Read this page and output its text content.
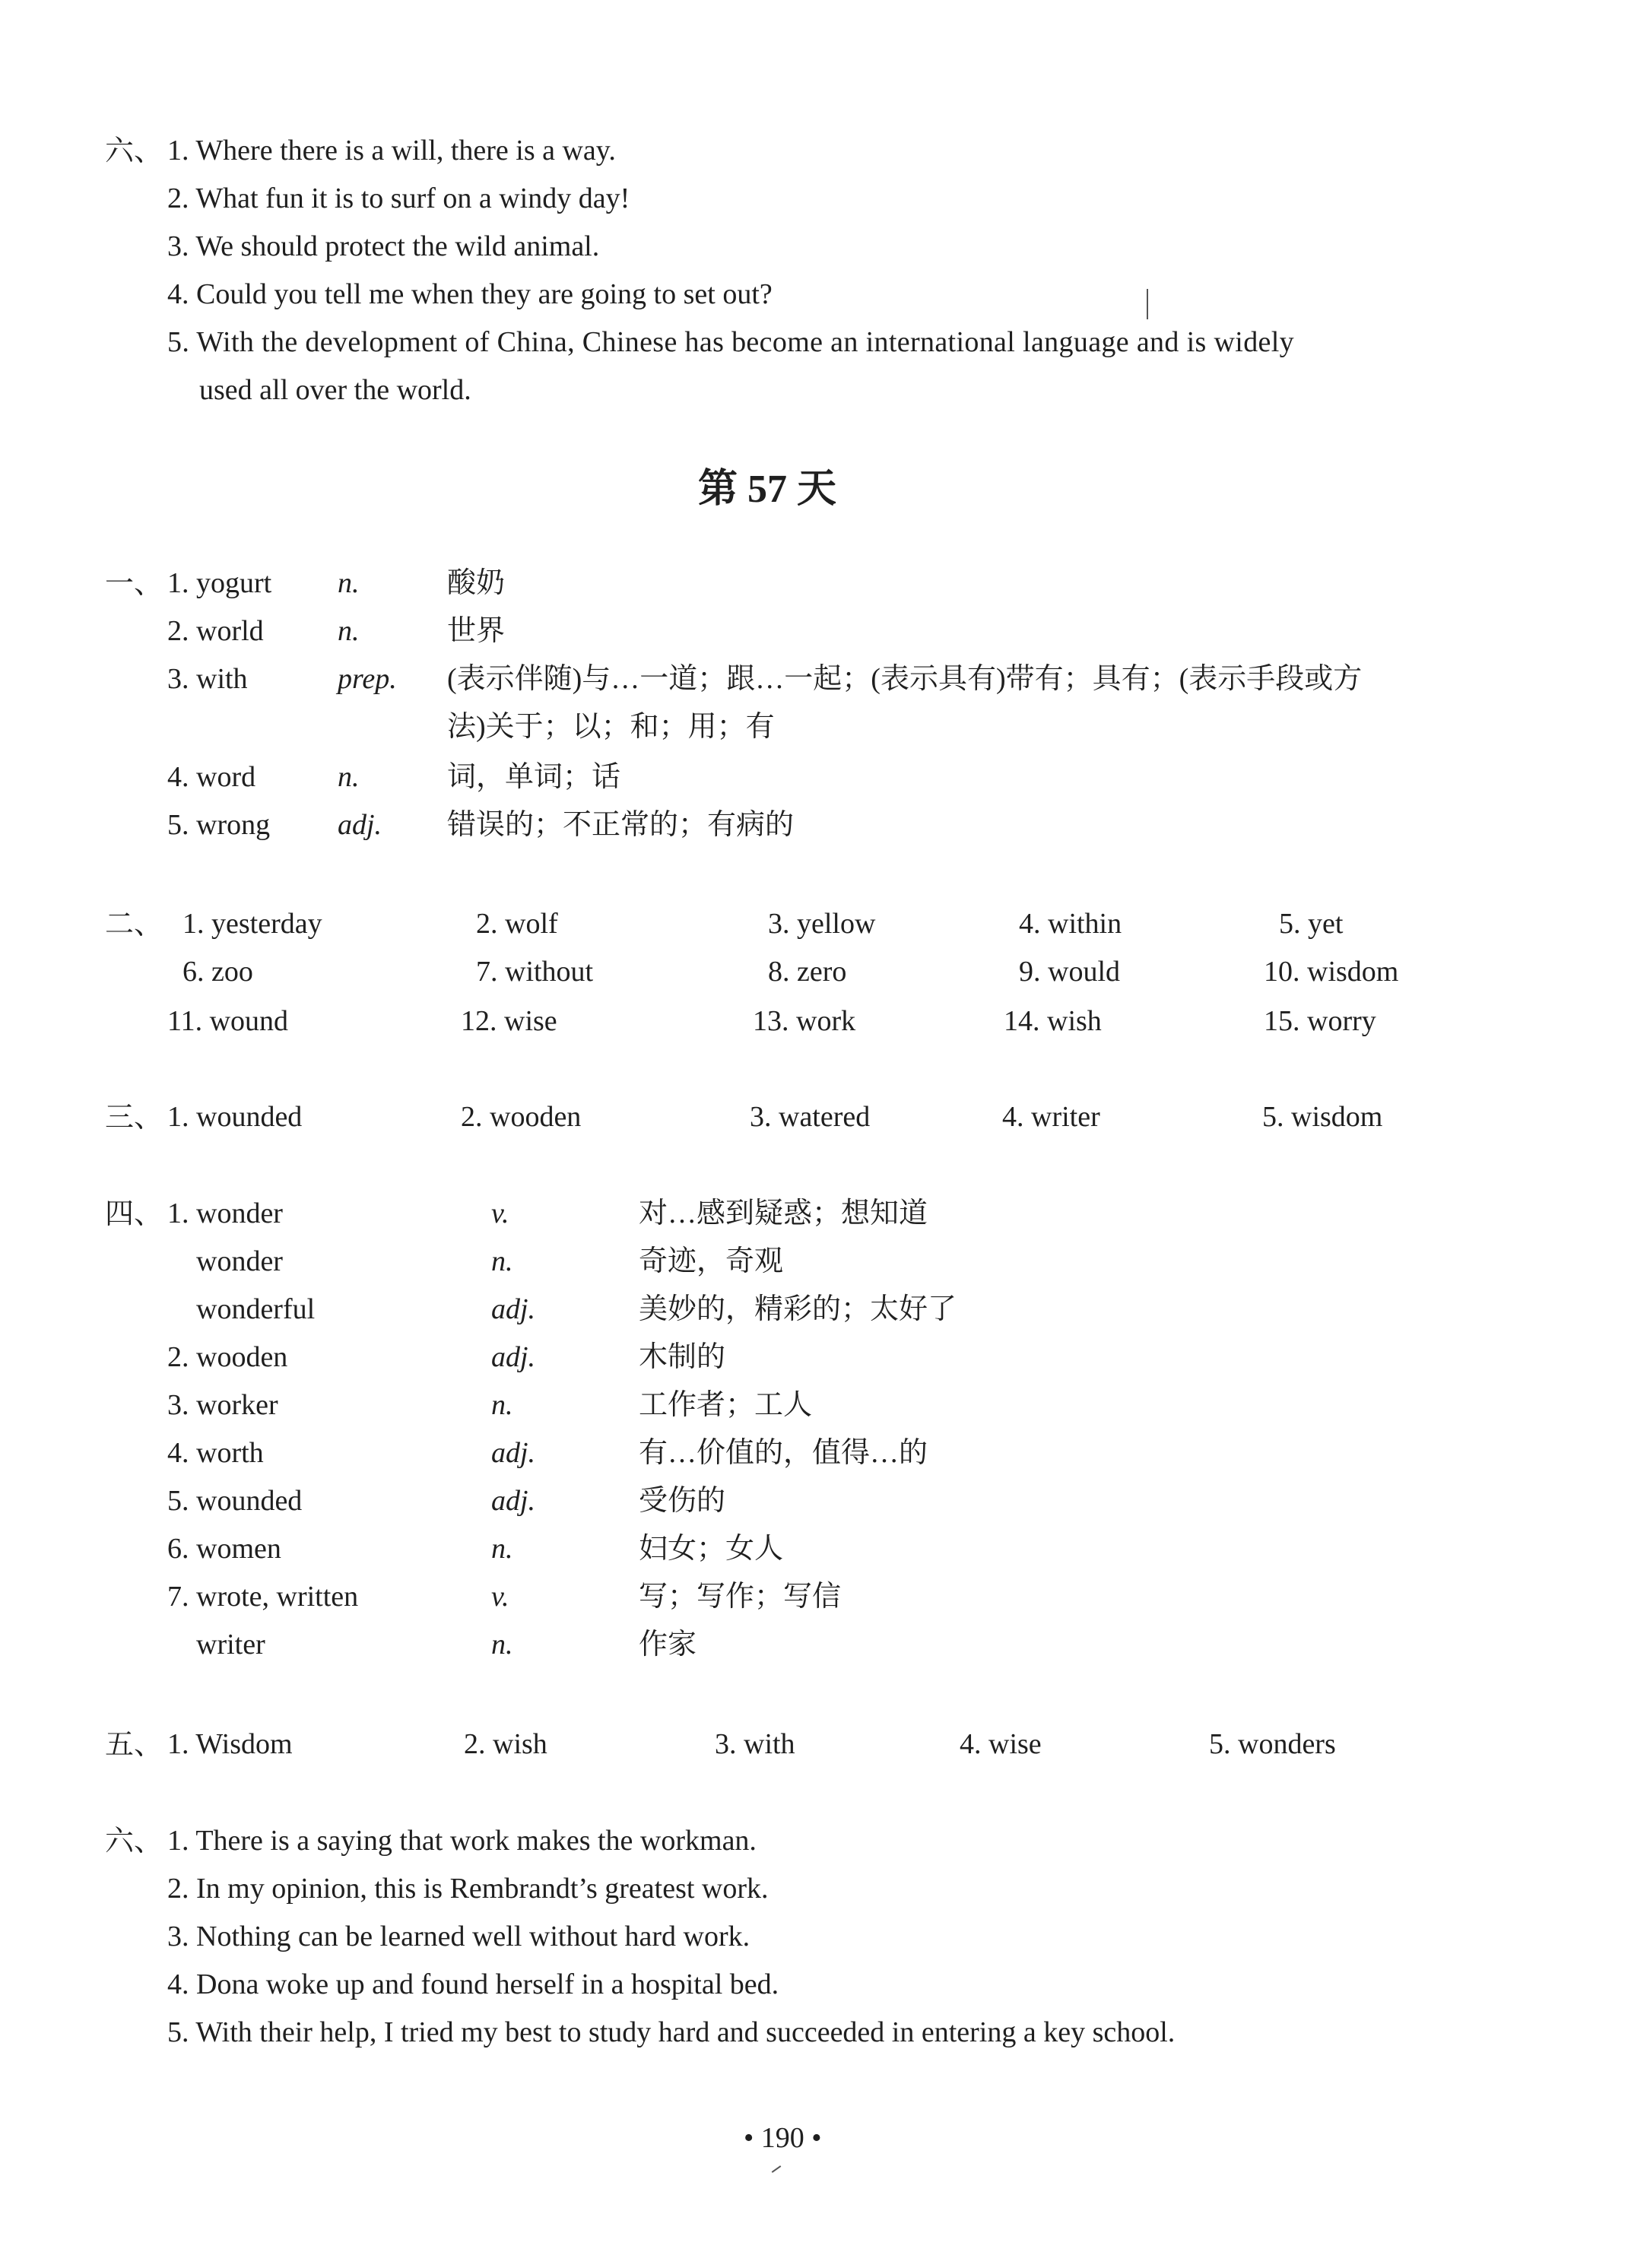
六、 1. Where there is a will, there is a way.
2. What fun it is to surf on a windy day!
3. We should protect the wild animal.
4. Could you tell me when they are going to set out?
5. With the development of China, Chinese has become an international language and is widely
used all over the world.
第 57 天
一、 1. yogurt n.	酸奶
2. world	n.	世界
3. with	prep. (表示伴随)与…一道；跟…一起；(表示具有)带有；具有；(表示手段或方
法)关于；以；和；用；有
4. word	n.	词，单词；话
5. wrong adj. 错误的；不正常的；有病的
二、 1. yesterday	2. wolf	3. yellow	4. within	5. yet
6. zoo	7. without	8. zero	9. would	10. wisdom
11. wound	12. wise	13. work	14. wish	15. worry
三、 1. wounded	2. wooden	3. watered	4. writer	5. wisdom
四、 1. wonder	v.	对…感到疑惑；想知道
wonder	n.	奇迹，奇观
wonderful	adj.	美妙的，精彩的；太好了
2. wooden	adj.	木制的
3. worker	n.	工作者；工人
4. worth	adj.	有…价值的，值得…的
5. wounded	adj.	受伤的
6. women	n.	妇女；女人
7. wrote, written	v.	写；写作；写信
writer	n.	作家
五、 1. Wisdom	2. wish	3. with	4. wise	5. wonders
六、 1. There is a saying that work makes the workman.
2. In my opinion, this is Rembrandt’s greatest work.
3. Nothing can be learned well without hard work.
4. Dona woke up and found herself in a hospital bed.
5. With their help, I tried my best to study hard and succeeded in entering a key school.
• 190 •
